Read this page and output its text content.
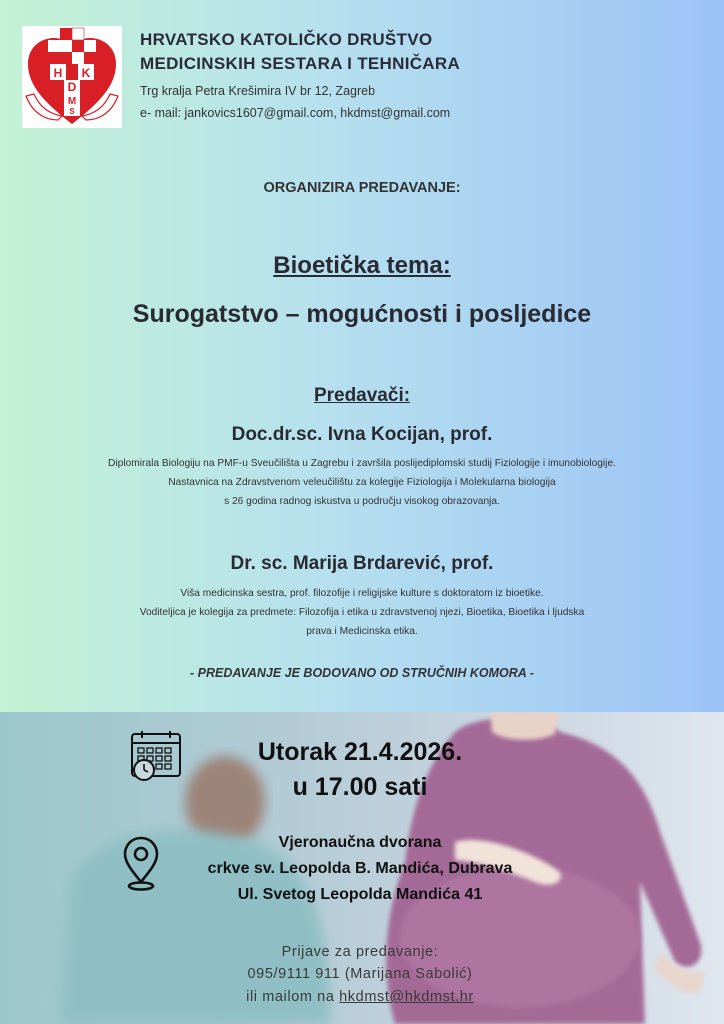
H K
D
M
S
T
HRVATSKO KATOLIČKO DRUŠTVO
MEDICINSKIH SESTARA I TEHNIČARA
Trg kralja Petra Krešimira IV br 12, Zagreb
e- mail: jankovics1607@gmail.com, hkdmst@gmail.com
ORGANIZIRA PREDAVANJE:
Bioetička tema:
Surogatstvo – mogućnosti i posljedice
Predavači:
Doc.dr.sc. Ivna Kocijan, prof.
Diplomirala Biologiju na PMF-u Sveučilišta u Zagrebu i završila poslijediplomski studij Fiziologije i imunobiologije.
Nastavnica na Zdravstvenom veleučilištu za kolegije Fiziologija i Molekularna biologija
s 26 godina radnog iskustva u području visokog obrazovanja.
Dr. sc. Marija Brdarević, prof.
Viša medicinska sestra, prof. filozofije i religijske kulture s doktoratom iz bioetike.
Voditeljica je kolegija za predmete: Filozofija i etika u zdravstvenoj njezi, Bioetika, Bioetika i ljudska
prava i Medicinska etika.
- PREDAVANJE JE BODOVANO OD STRUČNIH KOMORA -
Utorak 21.4.2026.
u 17.00 sati
Vjeronaučna dvorana
crkve sv. Leopolda B. Mandića, Dubrava
Ul. Svetog Leopolda Mandića 41
Prijave za predavanje:
095/9111 911 (Marijana Sabolić)
ili mailom na hkdmst@hkdmst.hr
